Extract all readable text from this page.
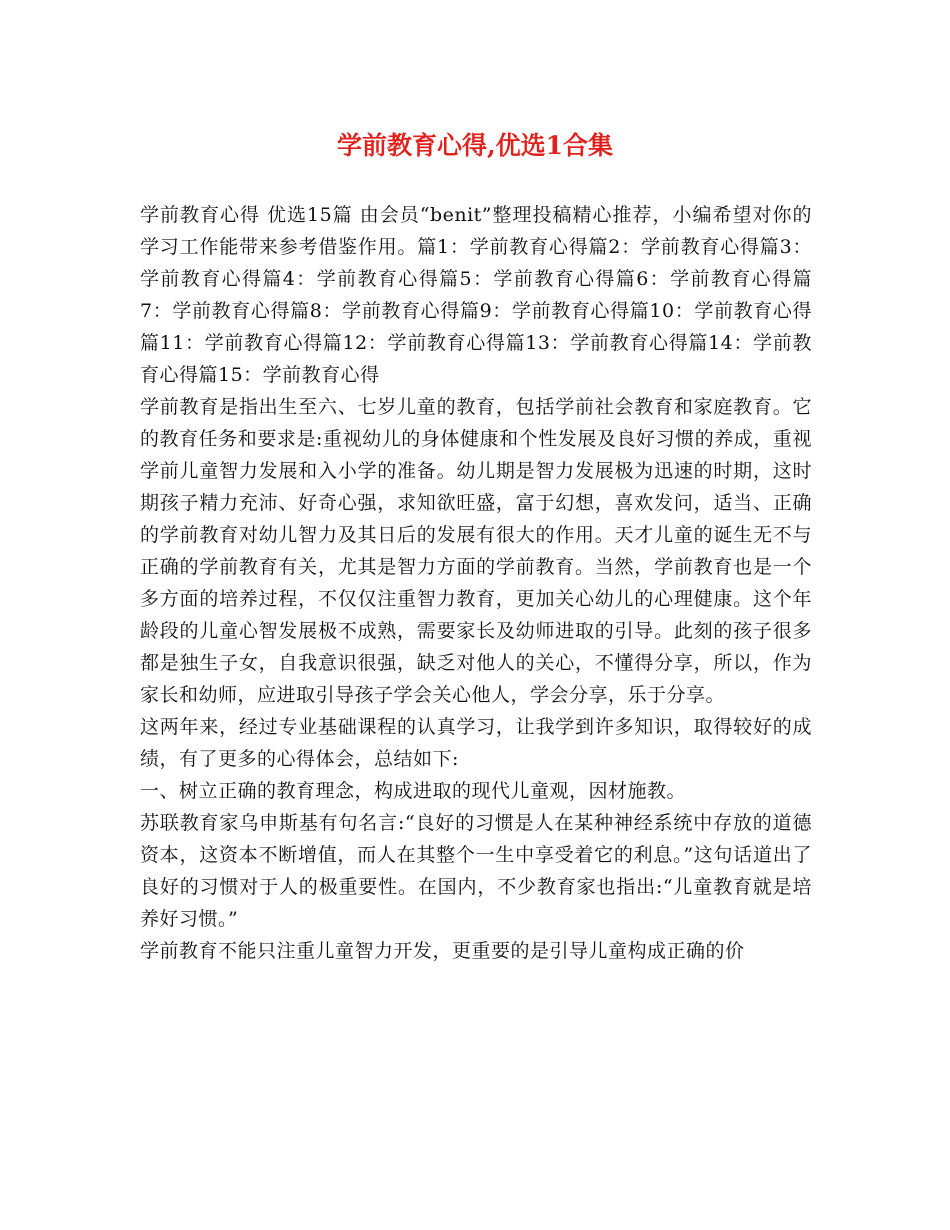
学前教育心得,优选1合集

学前教育心得 优选15篇 由会员“benit”整理投稿精心推荐，小编希望对你的学习工作能带来参考借鉴作用。篇1：学前教育心得篇2：学前教育心得篇3：学前教育心得篇4：学前教育心得篇5：学前教育心得篇6：学前教育心得篇7：学前教育心得篇8：学前教育心得篇9：学前教育心得篇10：学前教育心得篇11：学前教育心得篇12：学前教育心得篇13：学前教育心得篇14：学前教育心得篇15：学前教育心得

学前教育是指出生至六、七岁儿童的教育，包括学前社会教育和家庭教育。它的教育任务和要求是:重视幼儿的身体健康和个性发展及良好习惯的养成，重视学前儿童智力发展和入小学的准备。幼儿期是智力发展极为迅速的时期，这时期孩子精力充沛、好奇心强，求知欲旺盛，富于幻想，喜欢发问，适当、正确的学前教育对幼儿智力及其日后的发展有很大的作用。天才儿童的诞生无不与正确的学前教育有关，尤其是智力方面的学前教育。当然，学前教育也是一个多方面的培养过程，不仅仅注重智力教育，更加关心幼儿的心理健康。这个年龄段的儿童心智发展极不成熟，需要家长及幼师进取的引导。此刻的孩子很多都是独生子女，自我意识很强，缺乏对他人的关心，不懂得分享，所以，作为家长和幼师，应进取引导孩子学会关心他人，学会分享，乐于分享。

这两年来，经过专业基础课程的认真学习，让我学到许多知识，取得较好的成绩，有了更多的心得体会，总结如下:

一、树立正确的教育理念，构成进取的现代儿童观，因材施教。

苏联教育家乌申斯基有句名言:“良好的习惯是人在某种神经系统中存放的道德资本，这资本不断增值，而人在其整个一生中享受着它的利息。”这句话道出了良好的习惯对于人的极重要性。在国内，不少教育家也指出:“儿童教育就是培养好习惯。”

学前教育不能只注重儿童智力开发，更重要的是引导儿童构成正确的价
